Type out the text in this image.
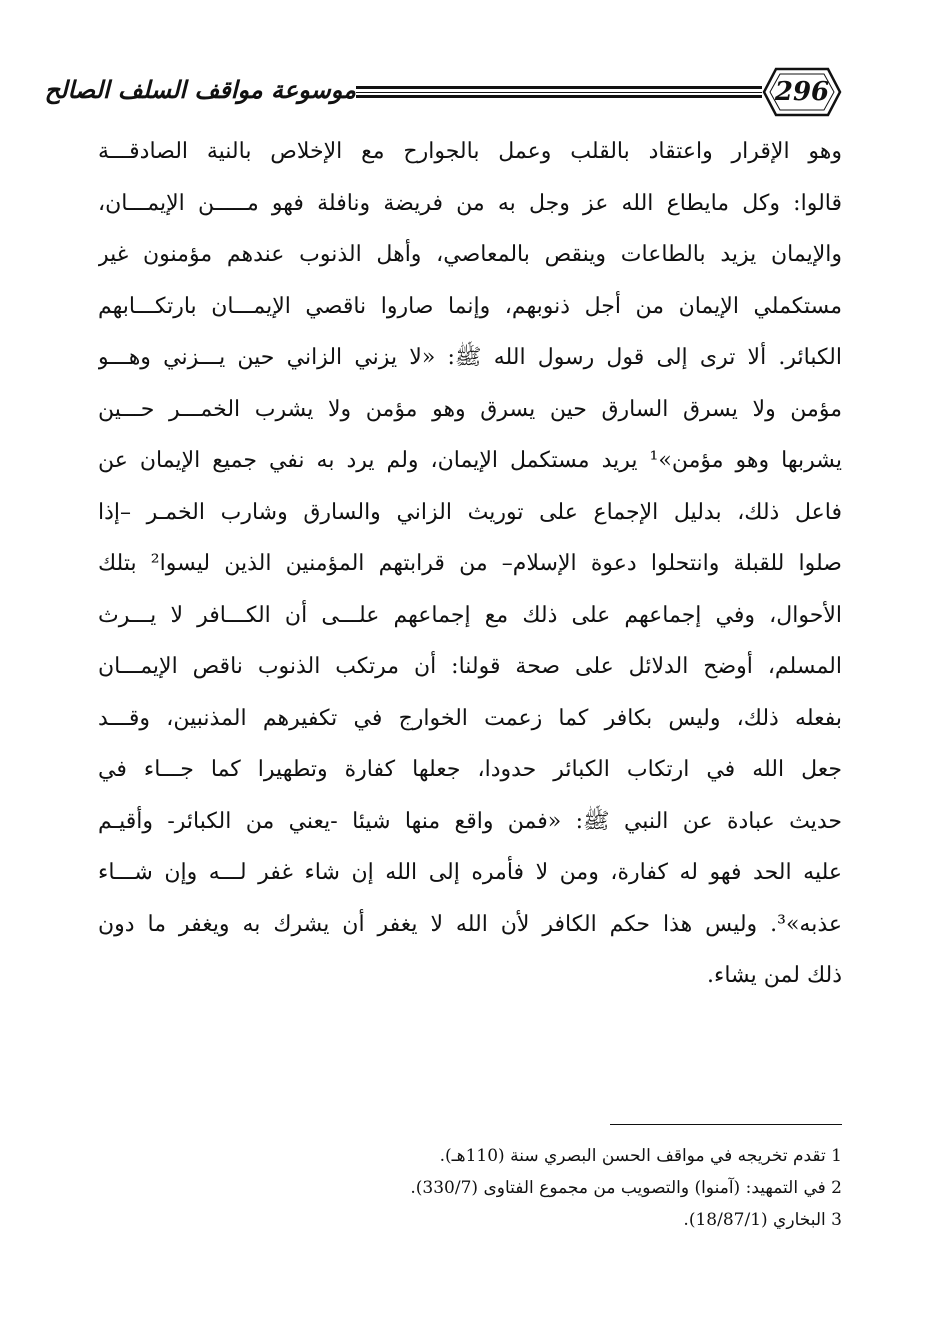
موسوعة مواقف السلف الصالح	296
وهو الإقرار واعتقاد بالقلب وعمل بالجوارح مع الإخلاص بالنية الصادقـــة
قالوا: وكل مايطاع الله عز وجل به من فريضة ونافلة فهو مـــــن الإيمـــان،
والإيمان يزيد بالطاعات وينقص بالمعاصي، وأهل الذنوب عندهم مؤمنون غير
مستكملي الإيمان من أجل ذنوبهم، وإنما صاروا ناقصي الإيمـــان بارتكـــابهم
الكبائر. ألا ترى إلى قول رسول الله ﷺ: «لا يزني الزاني حين يـــزني وهـــو
مؤمن ولا يسرق السارق حين يسرق وهو مؤمن ولا يشرب الخمـــر حـــين
يشربها وهو مؤمن»¹ يريد مستكمل الإيمان، ولم يرد به نفي جميع الإيمان عن
فاعل ذلك، بدليل الإجماع على توريث الزاني والسارق وشارب الخمـر –إذا
صلوا للقبلة وانتحلوا دعوة الإسلام– من قرابتهم المؤمنين الذين ليسوا² بتلك
الأحوال، وفي إجماعهم على ذلك مع إجماعهم علـــى أن الكـــافر لا يـــرث
المسلم، أوضح الدلائل على صحة قولنا: أن مرتكب الذنوب ناقص الإيمـــان
بفعله ذلك، وليس بكافر كما زعمت الخوارج في تكفيرهم المذنبين، وقـــد
جعل الله في ارتكاب الكبائر حدودا، جعلها كفارة وتطهيرا كما جـــاء في
حديث عبادة عن النبي ﷺ: «فمن واقع منها شيئا -يعني من الكبائر- وأقيـم
عليه الحد فهو له كفارة، ومن لا فأمره إلى الله إن شاء غفر لـــه وإن شـــاء
عذبه»³. وليس هذا حكم الكافر لأن الله لا يغفر أن يشرك به ويغفر ما دون
ذلك لمن يشاء.
1 تقدم تخريجه في مواقف الحسن البصري سنة (110هـ).
2 في التمهيد: (آمنوا) والتصويب من مجموع الفتاوى (330/7).
3 البخاري (18/87/1).
